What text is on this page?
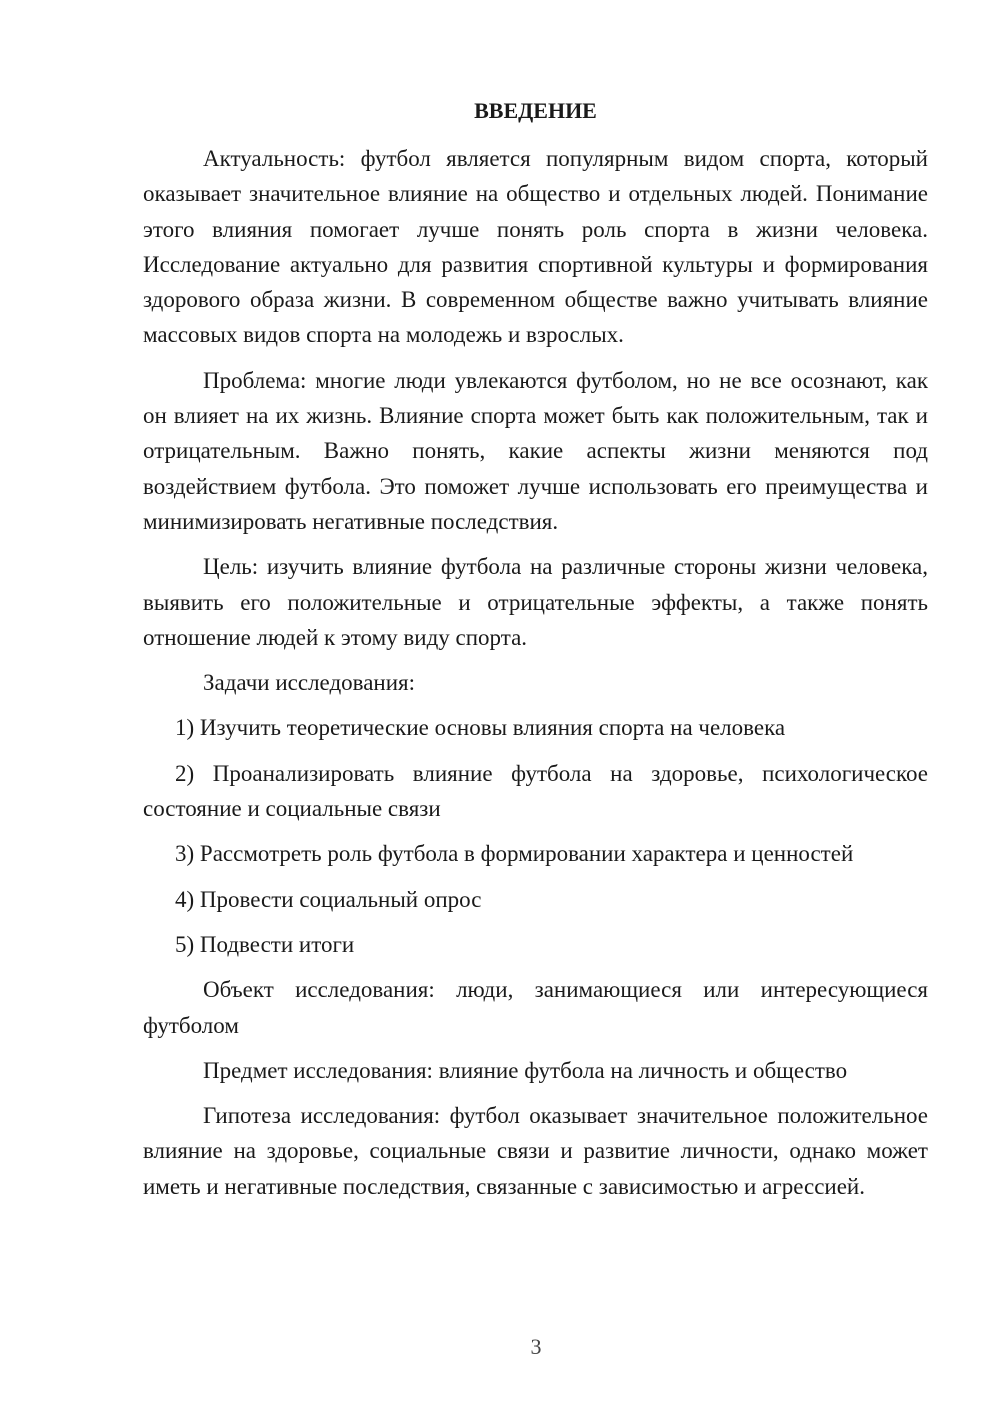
ВВЕДЕНИЕ

Актуальность: футбол является популярным видом спорта, который оказывает значительное влияние на общество и отдельных людей. Понимание этого влияния помогает лучше понять роль спорта в жизни человека. Исследование актуально для развития спортивной культуры и формирования здорового образа жизни. В современном обществе важно учитывать влияние массовых видов спорта на молодежь и взрослых.

Проблема: многие люди увлекаются футболом, но не все осознают, как он влияет на их жизнь. Влияние спорта может быть как положительным, так и отрицательным. Важно понять, какие аспекты жизни меняются под воздействием футбола. Это поможет лучше использовать его преимущества и минимизировать негативные последствия.

Цель: изучить влияние футбола на различные стороны жизни человека, выявить его положительные и отрицательные эффекты, а также понять отношение людей к этому виду спорта.

Задачи исследования:

1) Изучить теоретические основы влияния спорта на человека

2) Проанализировать влияние футбола на здоровье, психологическое состояние и социальные связи

3) Рассмотреть роль футбола в формировании характера и ценностей

4) Провести социальный опрос

5) Подвести итоги

Объект исследования: люди, занимающиеся или интересующиеся футболом

Предмет исследования: влияние футбола на личность и общество

Гипотеза исследования: футбол оказывает значительное положительное влияние на здоровье, социальные связи и развитие личности, однако может иметь и негативные последствия, связанные с зависимостью и агрессией.

3
